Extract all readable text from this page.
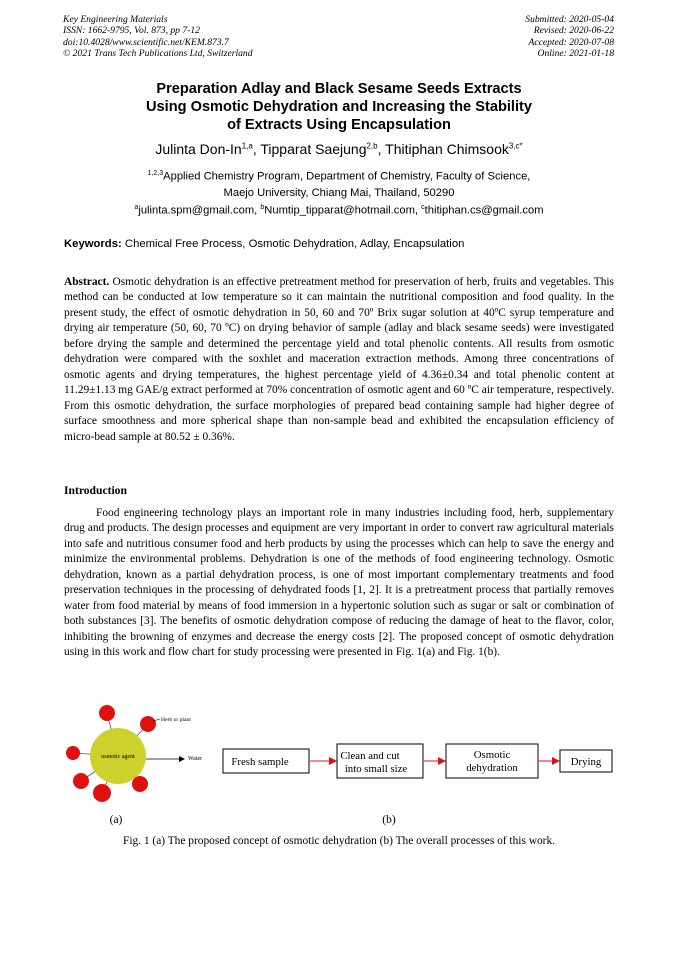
Key Engineering Materials
ISSN: 1662-9795, Vol. 873, pp 7-12
doi:10.4028/www.scientific.net/KEM.873.7
© 2021 Trans Tech Publications Ltd, Switzerland
Submitted: 2020-05-04
Revised: 2020-06-22
Accepted: 2020-07-08
Online: 2021-01-18
Preparation Adlay and Black Sesame Seeds Extracts
Using Osmotic Dehydration and Increasing the Stability
of Extracts Using Encapsulation
Julinta Don-In$^{1,a}$, Tipparat Saejung$^{2,b}$, Thitiphan Chimsook$^{3,c*}$
$^{1,2,3}$Applied Chemistry Program, Department of Chemistry, Faculty of Science,
Maejo University, Chiang Mai, Thailand, 50290
$^a$julinta.spm@gmail.com, $^b$Numtip_tipparat@hotmail.com, $^c$thitiphan.cs@gmail.com
Keywords: Chemical Free Process, Osmotic Dehydration, Adlay, Encapsulation

Abstract. Osmotic dehydration is an effective pretreatment method for preservation of herb, fruits and vegetables. This method can be conducted at low temperature so it can maintain the nutritional composition and food quality. In the present study, the effect of osmotic dehydration in 50, 60 and 70º Brix sugar solution at 40ºC syrup temperature and drying air temperature (50, 60, 70 ºC) on drying behavior of sample (adlay and black sesame seeds) were investigated before drying the sample and determined the percentage yield and total phenolic contents. All results from osmotic dehydration were compared with the soxhlet and maceration extraction methods. Among three concentrations of osmotic agents and drying temperatures, the highest percentage yield of 4.36±0.34 and total phenolic content at 11.29±1.13 mg GAE/g extract performed at 70% concentration of osmotic agent and 60 ºC air temperature, respectively. From this osmotic dehydration, the surface morphologies of prepared bead containing sample had higher degree of surface smoothness and more spherical shape than non-sample bead and exhibited the encapsulation efficiency of micro-bead sample at 80.52 ± 0.36%.

Introduction

Food engineering technology plays an important role in many industries including food, herb, supplementary drug and products. The design processes and equipment are very important in order to convert raw agricultural materials into safe and nutritious consumer food and herb products by using the processes which can help to save the energy and minimize the environmental problems. Dehydration is one of the methods of food engineering technology. Osmotic dehydration, known as a partial dehydration process, is one of most important complementary treatments and food preservation techniques in the processing of dehydrated foods [1, 2]. It is a pretreatment process that partially removes water from food material by means of food immersion in a hypertonic solution such as sugar or salt or combination of both substances [3]. The benefits of osmotic dehydration compose of reducing the damage of heat to the flavor, color, inhibiting the browning of enzymes and decrease the energy costs [2]. The proposed concept of osmotic dehydration using in this work and flow chart for study processing were presented in Fig. 1(a) and Fig. 1(b).

osmotic agent
Herb or plant
Water
(a)
Fresh sample	Clean and cut
into small size
Osmotic
dehydration	Drying
(b)
Fig. 1 (a) The proposed concept of osmotic dehydration (b) The overall processes of this work.
